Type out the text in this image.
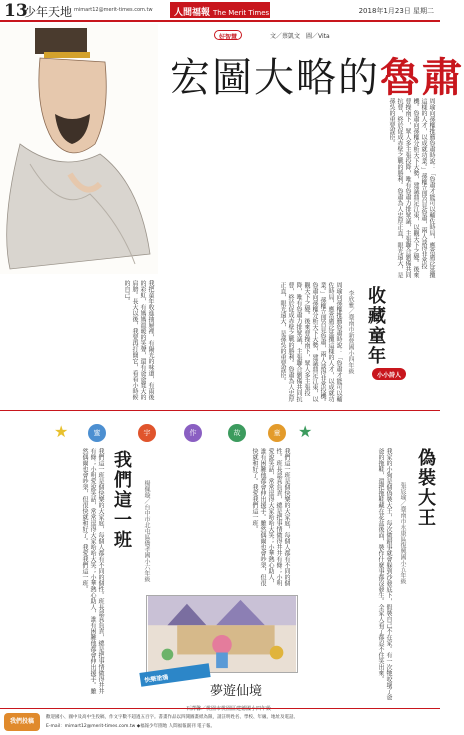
13
少年天地 mimart12@merit-times.com.tw	人間福報 The Merit Times	2018年1月23日 星期二
好智慧	文／蔡凱文　圖／Vita
宏圖大略的魯肅
周瑜向孫權推薦魯肅時說：「魯肅才能可以輔佐時局，應當廣泛延攬這樣的人才，以成就功業。」孫權立即召見魯肅，兩人談得非常投機。魯肅向孫權分析天下大勢，建議鼎足江東，以觀天下之變。後來曹操南下，眾人多主張投降，唯有魯肅力排眾議，主張聯合劉備共同抗曹，終於促成赤壁之戰的勝利。魯肅為人忠厚正直，眼光遠大，是孫吳的重要謀臣。
周瑜向孫權推薦魯肅時說：「魯肅才能可以輔佐時局，應當廣泛延攬這樣的人才，以成就功業。」孫權立即召見魯肅，兩人談得非常投機。魯肅向孫權分析天下大勢，建議鼎足江東，以觀天下之變。後來曹操南下，眾人多主張投降，唯有魯肅力排眾議，主張聯合劉備共同抗曹，終於促成赤壁之戰的勝利。魯肅為人忠厚正直，眼光遠大，是孫吳的重要謀臣。	收藏童年
李欣雅／臺南市新營國小四年級
小小詩人
我把童年收進抽屜裡，有陽光的味道，有雨後的彩虹，有媽媽溫暖的笑聲，還有爸爸寬大的肩膀。長大以後，我要再打開它，看看小時候的自己。
★	蜜	宇	作	故	童	★
我們這一班	楊佩璇／台中市北屯區僑孝國小六年級
我們這一班是個快樂的大家庭，每個人都有不同的個性。班長認真負責，總是把事情做得井井有條；小明愛說笑話，常常逗得大家哈哈大笑；小華熱心助人，誰有困難他都會伸出援手。雖然偶爾也會吵架，但很快就和好了。我愛我們這一班。	我們這一班是個快樂的大家庭，每個人都有不同的個性。班長認真負責，總是把事情做得井井有條；小明愛說笑話，常常逗得大家哈哈大笑；小華熱心助人，誰有困難他都會伸出援手。雖然偶爾也會吵架，但很快就和好了。我愛我們這一班。	偽裝大王
張宸瑜／臺南市永康區復興國小五年級
我家的小狗是個偽裝大王，每次做錯事就會躲到沙發底下，假裝自己不在家。有一次牠咬壞了爸爸的拖鞋，還把拖鞋藏在花盆後面，裝作什麼事都沒發生。全家人看了都忍不住笑出來。
快樂塗鴉
夢遊仙境
石譯馨／桃園市桃園區建德國小四年級
我們投稿
歡迎國小、國中及高中生投稿，作文字數不超過五百字。書畫作品以四開圖畫紙為限，請註明姓名、學校、年級、地址及電話。
E-mail：mimart12@merit-times.com.tw ◆福報少年園地 人間福報副刊 電子報。
